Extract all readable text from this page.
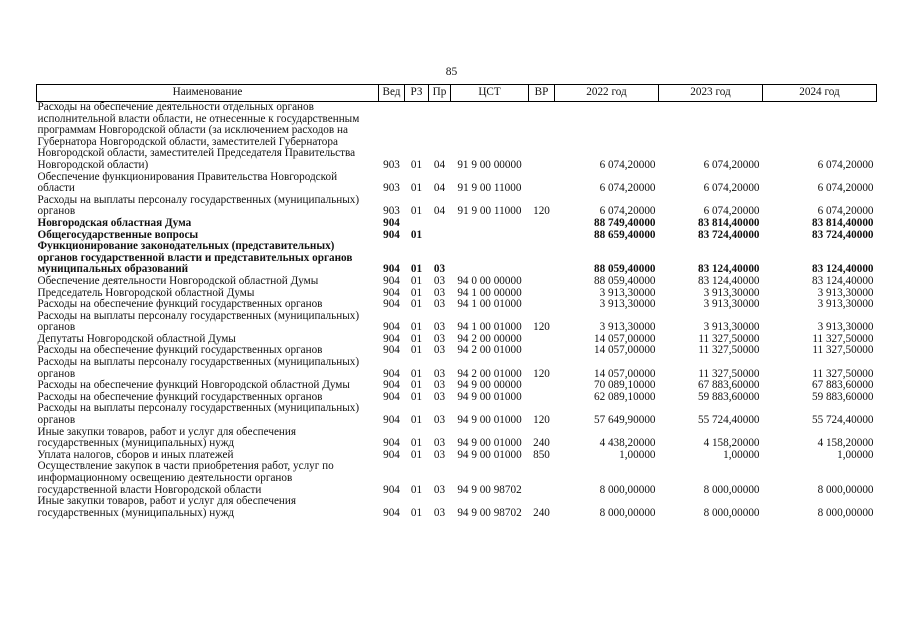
85
Наименование	Вед	РЗ	Пр	ЦСТ	ВР	2022 год	2023 год	2024 год
Расходы на обеспечение деятельности отдельных органов исполнительной власти области, не отнесенные к государственным программам Новгородской области (за исключением расходов на Губернатора Новгородской области, заместителей Губернатора Новгородской области, заместителей Председателя Правительства Новгородской области)	903	01	04	91 9 00 00000		6 074,20000	6 074,20000	6 074,20000
Обеспечение функционирования Правительства Новгородской области	903	01	04	91 9 00 11000		6 074,20000	6 074,20000	6 074,20000
Расходы на выплаты персоналу государственных (муниципальных) органов	903	01	04	91 9 00 11000	120	6 074,20000	6 074,20000	6 074,20000
Новгородская областная Дума	904					88 749,40000	83 814,40000	83 814,40000
Общегосударственные вопросы	904	01				88 659,40000	83 724,40000	83 724,40000
Функционирование законодательных (представительных) органов государственной власти и представительных органов муниципальных образований	904	01	03			88 059,40000	83 124,40000	83 124,40000
Обеспечение деятельности Новгородской областной Думы	904	01	03	94 0 00 00000		88 059,40000	83 124,40000	83 124,40000
Председатель Новгородской областной Думы	904	01	03	94 1 00 00000		3 913,30000	3 913,30000	3 913,30000
Расходы на обеспечение функций государственных органов	904	01	03	94 1 00 01000		3 913,30000	3 913,30000	3 913,30000
Расходы на выплаты персоналу государственных (муниципальных) органов	904	01	03	94 1 00 01000	120	3 913,30000	3 913,30000	3 913,30000
Депутаты Новгородской областной Думы	904	01	03	94 2 00 00000		14 057,00000	11 327,50000	11 327,50000
Расходы на обеспечение функций государственных органов	904	01	03	94 2 00 01000		14 057,00000	11 327,50000	11 327,50000
Расходы на выплаты персоналу государственных (муниципальных) органов	904	01	03	94 2 00 01000	120	14 057,00000	11 327,50000	11 327,50000
Расходы на обеспечение функций Новгородской областной Думы	904	01	03	94 9 00 00000		70 089,10000	67 883,60000	67 883,60000
Расходы на обеспечение функций государственных органов	904	01	03	94 9 00 01000		62 089,10000	59 883,60000	59 883,60000
Расходы на выплаты персоналу государственных (муниципальных) органов	904	01	03	94 9 00 01000	120	57 649,90000	55 724,40000	55 724,40000
Иные закупки товаров, работ и услуг для обеспечения государственных (муниципальных) нужд	904	01	03	94 9 00 01000	240	4 438,20000	4 158,20000	4 158,20000
Уплата налогов, сборов и иных платежей	904	01	03	94 9 00 01000	850	1,00000	1,00000	1,00000
Осуществление закупок в части приобретения работ, услуг по информационному освещению деятельности органов государственной власти Новгородской области	904	01	03	94 9 00 98702		8 000,00000	8 000,00000	8 000,00000
Иные закупки товаров, работ и услуг для обеспечения государственных (муниципальных) нужд	904	01	03	94 9 00 98702	240	8 000,00000	8 000,00000	8 000,00000
